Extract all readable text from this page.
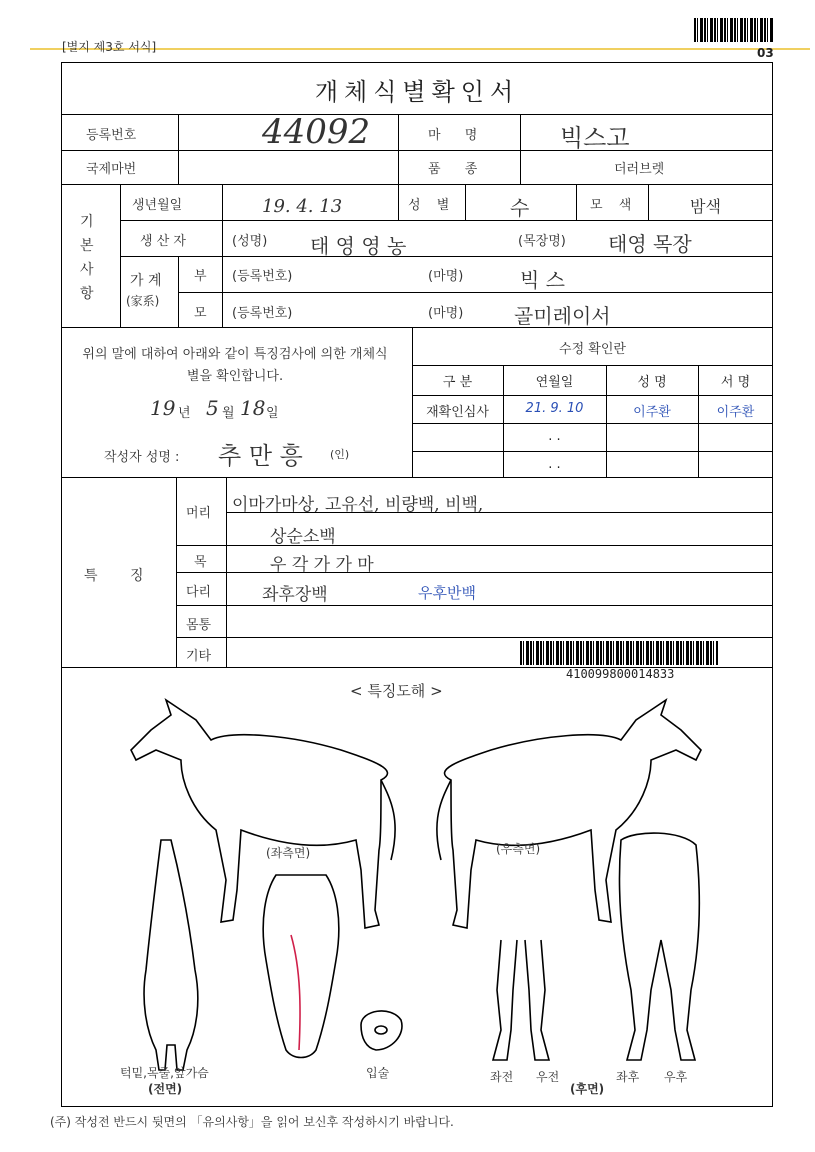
[별지 제3호 서식]	03
개체식별확인서
등록번호	44092	마 명	빅스고
국제마번	품 종	더러브렛
기본사항
생년월일	19. 4. 13	성 별	수	모 색	밤색
생 산 자	(성명) 태 영 영 농	(목장명) 태영 목장
가 계
(家系)
부 (등록번호)	(마명)	빅 스
모 (등록번호)	(마명)	골미레이서
위의 말에 대하여 아래와 같이 특징검사에 의한 개체식별을 확인합니다.
19 년 5 월 18 일
작성자 성명 : 추 만 흥 (인)
수정 확인란
구 분	연월일	성 명	서 명
재확인심사	21. 9. 10	이주환	이주환
. .
. .
특 징
머리 이마가마상, 고유선, 비량백, 비백,
상순소백
목	우 각 가 가 마
다리	좌후장백	우후반백
몸통
기타
410099800014833
< 특징도해 >
(좌측면)	(우측면)
턱밑,목줄,앞가슴
(전면)
입술	좌전 우전	좌후 우후
(후면)
(주) 작성전 반드시 뒷면의 「유의사항」을 읽어 보신후 작성하시기 바랍니다.
